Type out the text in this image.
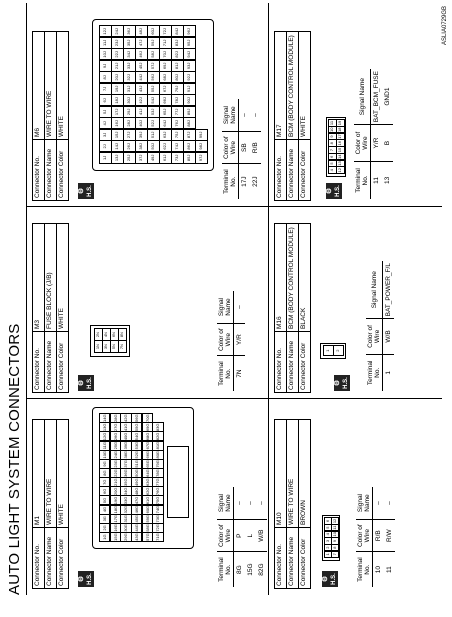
AUTO LIGHT SYSTEM CONNECTORS
ASLIA0729GB
Connector No.	M1
Connector Name	WIRE TO WIRE
Connector Color	WHITE
⚙ H.S.
1G
2G
3G
4G
5G
6G
7G
8G
9G
10G
11G
12G
13G
14G
15G
16G
17G
18G
19G
20G
21G
22G
23G
24G
25G
26G
27G
28G
29G
30G
31G
32G
33G
34G
35G
36G
37G
38G
39G
40G
41G
42G
43G
44G
45G
46G
47G
48G
49G
50G
51G
52G
53G
54G
55G
56G
57G
58G
59G
60G
61G
62G
63G
64G
65G
66G
67G
68G
69G
70G
71G
72G
73G
74G
75G
76G
77G
78G
79G
80G
81G
82G
83G
Terminal No.	Color of Wire	Signal Name
8G	P	–
15G	L	–
82G	W/B	–
Connector No.	M3
Connector Name	FUSE BLOCK (J/B)
Connector Color	WHITE
⚙ H.S.
1N
2N
3N
4N
5N
6N
7N
8N
Terminal No.	Color of Wire	Signal Name
7N	Y/R	–
Connector No.	M6
Connector Name	WIRE TO WIRE
Connector Color	WHITE
⚙ H.S.
1J
2J
3J
4J
5J
6J
7J
8J
9J
10J
11J
12J
13J
14J
15J
16J
17J
18J
19J
20J
21J
22J
23J
24J
25J
26J
27J
28J
29J
30J
31J
32J
33J
34J
35J
36J
37J
38J
39J
40J
41J
42J
43J
44J
45J
46J
47J
48J
49J
50J
51J
52J
53J
54J
55J
56J
57J
58J
59J
60J
61J
62J
63J
64J
65J
66J
67J
68J
69J
70J
71J
72J
73J
74J
75J
76J
77J
78J
79J
80J
81J
82J
83J
84J
85J
86J
87J
88J
89J
90J
91J
92J
93J
94J
95J
96J
97J
98J
99J
Terminal No.	Color of Wire	Signal Name
17J	SB	–
22J	R/B	–
Connector No.	M10
Connector Name	WIRE TO WIRE
Connector Color	BROWN
⚙ H.S.
1
2
3
4
5
6
7
8
9
10
11
12
Terminal No.	Color of Wire	Signal Name
10	R/B	–
11	R/W	–
Connector No.	M16
Connector Name	BCM (BODY CONTROL MODULE)
Connector Color	BLACK
⚙ H.S.
1	2
Terminal No.	Color of Wire	Signal Name
1	W/B	BAT_POWER_F/L
Connector No.	M17
Connector Name	BCM (BODY CONTROL MODULE)
Connector Color	WHITE
⚙ H.S.
4
5
6
7
8
9
10
11
12
13
14
15
16
17
18
19
Terminal No.	Color of Wire	Signal Name
11	Y/R	BAT_BCM_FUSE
13	B	GND1
